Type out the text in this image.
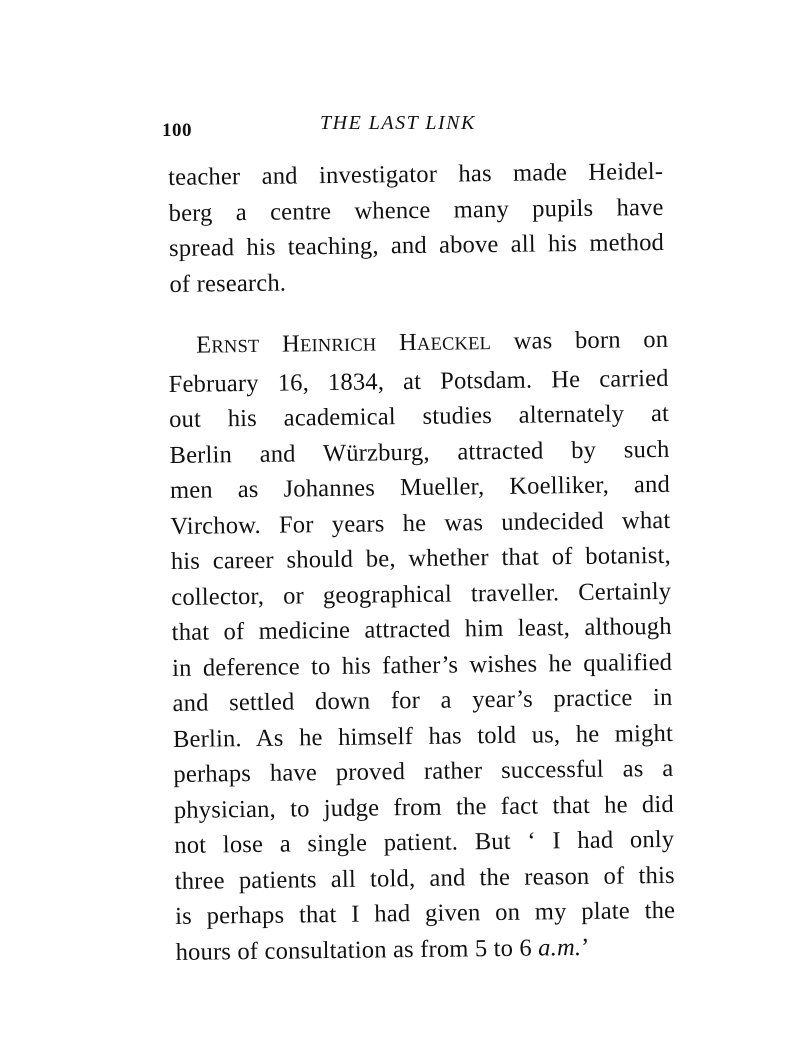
100	THE LAST LINK
teacher and investigator has made Heidel-
berg a centre whence many pupils have
spread his teaching, and above all his method
of research.
ERNST HEINRICH HAECKEL was born on
February 16, 1834, at Potsdam. He carried
out his academical studies alternately at
Berlin and Würzburg, attracted by such
men as Johannes Mueller, Koelliker, and
Virchow. For years he was undecided what
his career should be, whether that of botanist,
collector, or geographical traveller. Certainly
that of medicine attracted him least, although
in deference to his father’s wishes he qualified
and settled down for a year’s practice in
Berlin. As he himself has told us, he might
perhaps have proved rather successful as a
physician, to judge from the fact that he did
not lose a single patient. But ‘ I had only
three patients all told, and the reason of this
is perhaps that I had given on my plate the
hours of consultation as from 5 to 6 a.m.’
